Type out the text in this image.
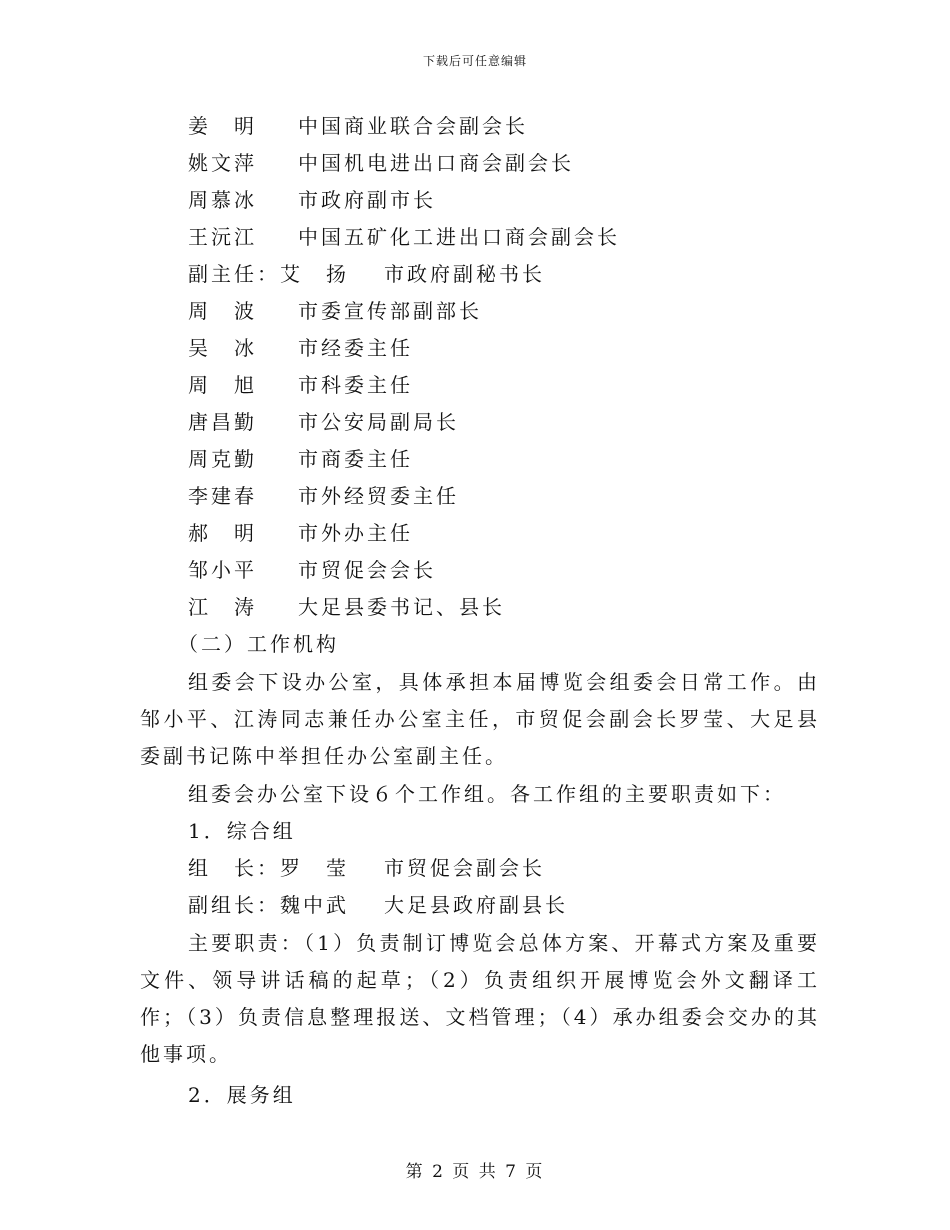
下载后可任意编辑
姜　明 中国商业联合会副会长
姚文萍 中国机电进出口商会副会长
周慕冰 市政府副市长
王沅江 中国五矿化工进出口商会副会长
副主任：艾　扬 市政府副秘书长
周　波 市委宣传部副部长
吴　冰 市经委主任
周　旭 市科委主任
唐昌勤 市公安局副局长
周克勤 市商委主任
李建春 市外经贸委主任
郝　明 市外办主任
邹小平 市贸促会会长
江　涛 大足县委书记、县长
（二）工作机构

组委会下设办公室，具体承担本届博览会组委会日常工作。由邹小平、江涛同志兼任办公室主任，市贸促会副会长罗莹、大足县委副书记陈中举担任办公室副主任。

组委会办公室下设６个工作组。各工作组的主要职责如下：

1．综合组
组　长：罗　莹 市贸促会副会长
副组长：魏中武 大足县政府副县长

主要职责：（1）负责制订博览会总体方案、开幕式方案及重要文件、领导讲话稿的起草；（2）负责组织开展博览会外文翻译工作；（3）负责信息整理报送、文档管理；（4）承办组委会交办的其他事项。

2．展务组
第 2 页 共 7 页
